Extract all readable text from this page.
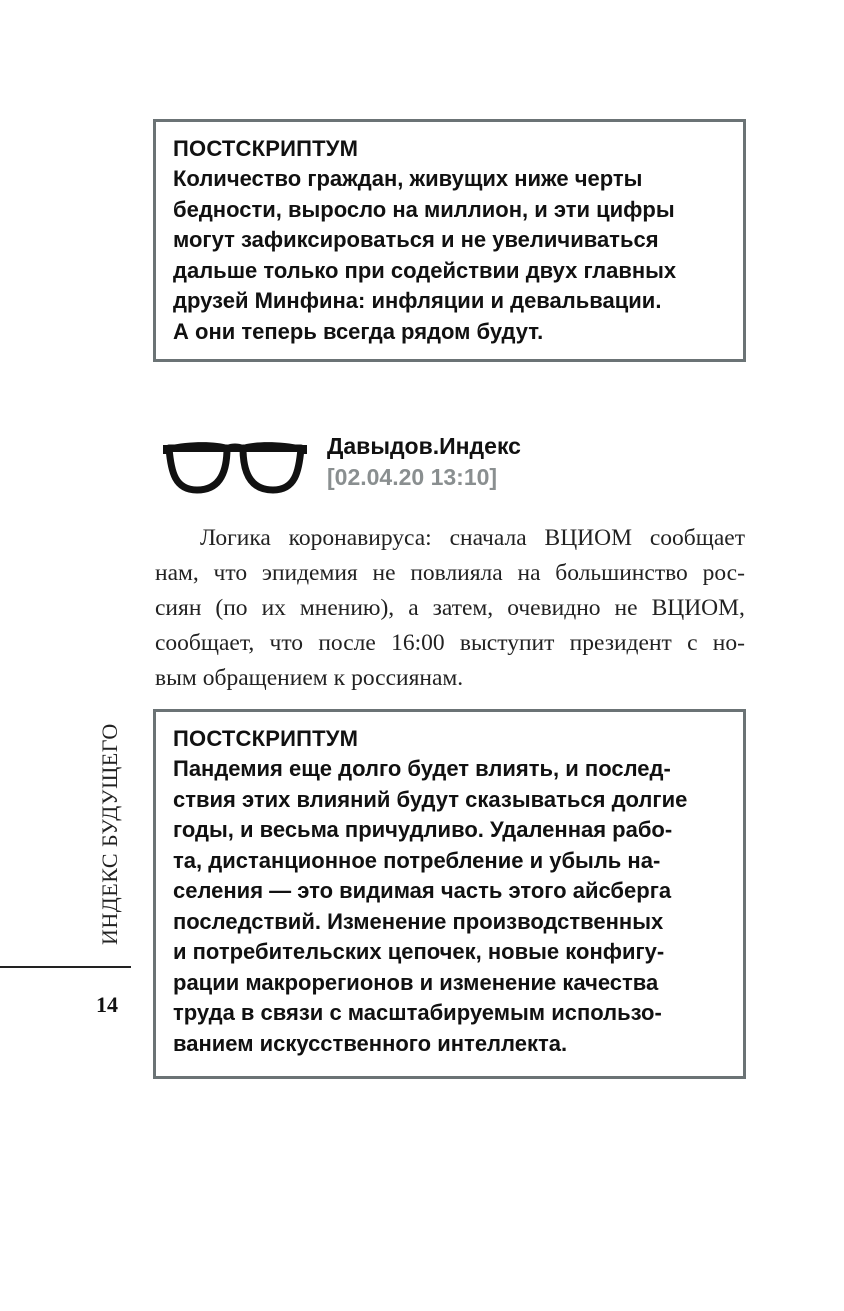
ПОСТСКРИПТУМ

Количество граждан, живущих ниже черты

бедности, выросло на миллион, и эти цифры

могут зафиксироваться и не увеличиваться

дальше только при содействии двух главных

друзей Минфина: инфляции и девальвации.

А они теперь всегда рядом будут.

Давыдов.Индекс
[02.04.20 13:10]
Логика коронавируса: сначала ВЦИОМ сообщает
нам, что эпидемия не повлияла на большинство рос-
сиян (по их мнению), а затем, очевидно не ВЦИОМ,
сообщает, что после 16:00 выступит президент с но-
вым обращением к россиянам.

ПОСТСКРИПТУМ

Пандемия еще долго будет влиять, и послед-

ствия этих влияний будут сказываться долгие

годы, и весьма причудливо. Удаленная рабо-

та, дистанционное потребление и убыль на-

селения — это видимая часть этого айсберга

последствий. Изменение производственных

и потребительских цепочек, новые конфигу-

рации макрорегионов и изменение качества

труда в связи с масштабируемым использо-

ванием искусственного интеллекта.

ИНДЕКС БУДУЩЕГО
14
